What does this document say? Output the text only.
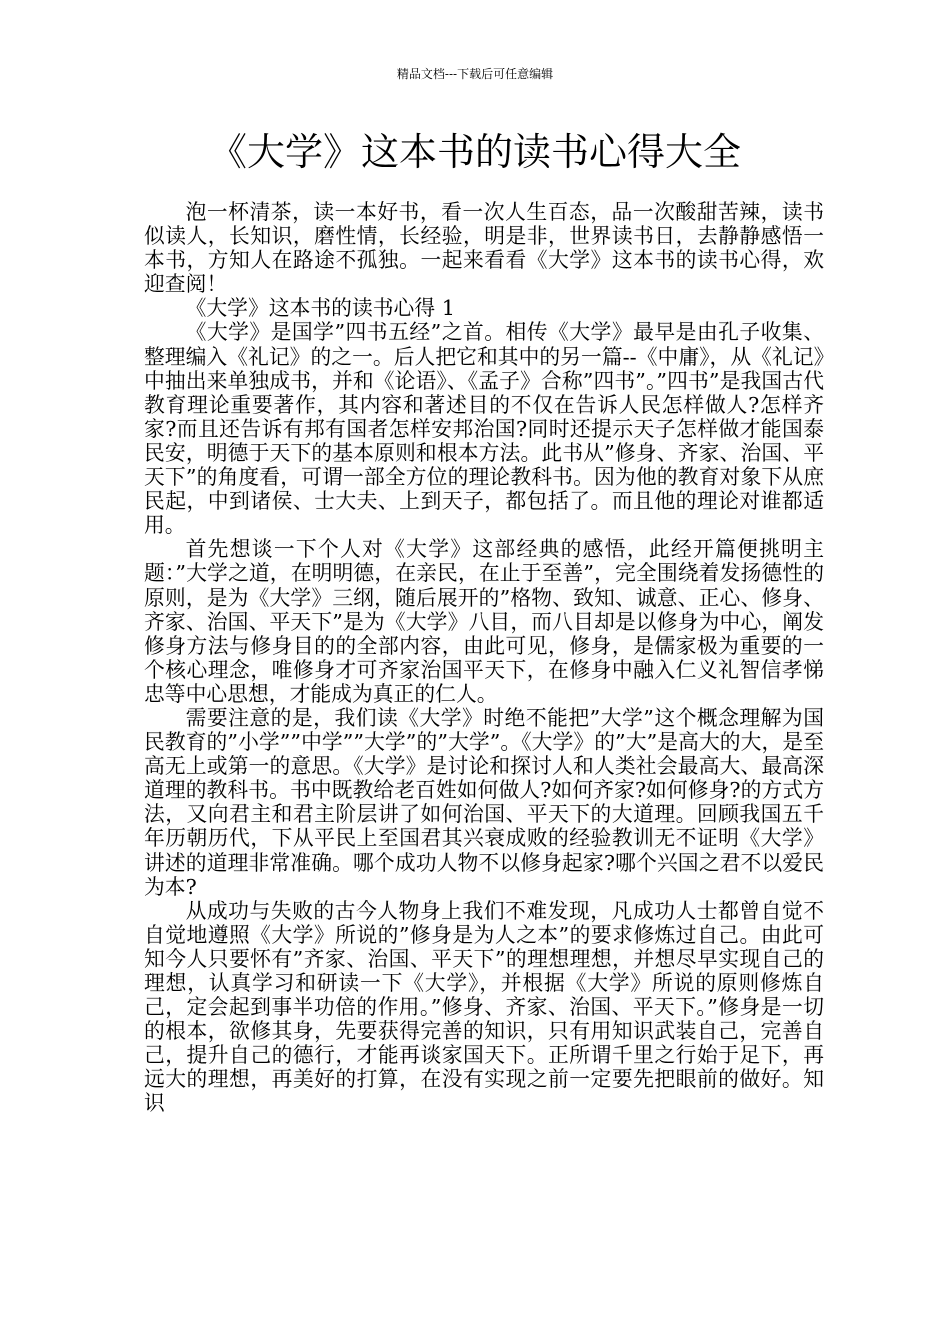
精品文档---下载后可任意编辑
《大学》这本书的读书心得大全

泡一杯清茶，读一本好书，看一次人生百态，品一次酸甜苦辣，读书似读人，长知识，磨性情，长经验，明是非，世界读书日，去静静感悟一本书，方知人在路途不孤独。一起来看看《大学》这本书的读书心得，欢迎查阅！

《大学》这本书的读书心得 1

《大学》是国学”四书五经”之首。相传《大学》最早是由孔子收集、整理编入《礼记》的之一。后人把它和其中的另一篇--《中庸》，从《礼记》中抽出来单独成书，并和《论语》、《孟子》合称”四书”。”四书”是我国古代教育理论重要著作，其内容和著述目的不仅在告诉人民怎样做人?怎样齐家?而且还告诉有邦有国者怎样安邦治国?同时还提示天子怎样做才能国泰民安，明德于天下的基本原则和根本方法。此书从”修身、齐家、治国、平天下”的角度看，可谓一部全方位的理论教科书。因为他的教育对象下从庶民起，中到诸侯、士大夫、上到天子，都包括了。而且他的理论对谁都适用。

首先想谈一下个人对《大学》这部经典的感悟，此经开篇便挑明主题：”大学之道，在明明德，在亲民，在止于至善”，完全围绕着发扬德性的原则，是为《大学》三纲，随后展开的”格物、致知、诚意、正心、修身、齐家、治国、平天下”是为《大学》八目，而八目却是以修身为中心，阐发修身方法与修身目的的全部内容，由此可见，修身，是儒家极为重要的一个核心理念，唯修身才可齐家治国平天下，在修身中融入仁义礼智信孝悌忠等中心思想，才能成为真正的仁人。

需要注意的是，我们读《大学》时绝不能把”大学”这个概念理解为国民教育的”小学””中学””大学”的”大学”。《大学》的”大”是高大的大，是至高无上或第一的意思。《大学》是讨论和探讨人和人类社会最高大、最高深道理的教科书。书中既教给老百姓如何做人?如何齐家?如何修身?的方式方法，又向君主和君主阶层讲了如何治国、平天下的大道理。回顾我国五千年历朝历代，下从平民上至国君其兴衰成败的经验教训无不证明《大学》讲述的道理非常准确。哪个成功人物不以修身起家?哪个兴国之君不以爱民为本?

从成功与失败的古今人物身上我们不难发现，凡成功人士都曾自觉不自觉地遵照《大学》所说的”修身是为人之本”的要求修炼过自己。由此可知今人只要怀有”齐家、治国、平天下”的理想理想，并想尽早实现自己的理想，认真学习和研读一下《大学》，并根据《大学》所说的原则修炼自己，定会起到事半功倍的作用。”修身、齐家、治国、平天下。”修身是一切的根本，欲修其身，先要获得完善的知识，只有用知识武装自己，完善自己，提升自己的德行，才能再谈家国天下。正所谓千里之行始于足下，再远大的理想，再美好的打算，在没有实现之前一定要先把眼前的做好。知识
